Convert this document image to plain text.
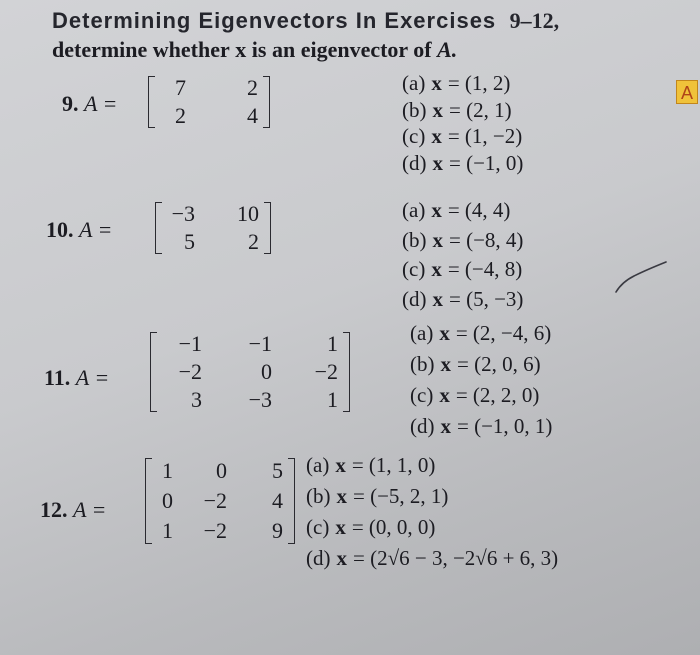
Determining Eigenvectors In Exercises 9–12,
determine whether x is an eigenvector of A.
9. A =
7	2
2	4
(a) x = (1, 2)
(b) x = (2, 1)
(c) x = (1, −2)
(d) x = (−1, 0)
10. A =
−3	10
5	2
(a) x = (4, 4)
(b) x = (−8, 4)
(c) x = (−4, 8)
(d) x = (5, −3)
11. A =
−1	−1	1
−2	0	−2
3	−3	1
(a) x = (2, −4, 6)
(b) x = (2, 0, 6)
(c) x = (2, 2, 0)
(d) x = (−1, 0, 1)
12. A =
1	0	5
0	−2	4
1	−2	9
(a) x = (1, 1, 0)
(b) x = (−5, 2, 1)
(c) x = (0, 0, 0)
(d) x = (2√6 − 3, −2√6 + 6, 3)
A
